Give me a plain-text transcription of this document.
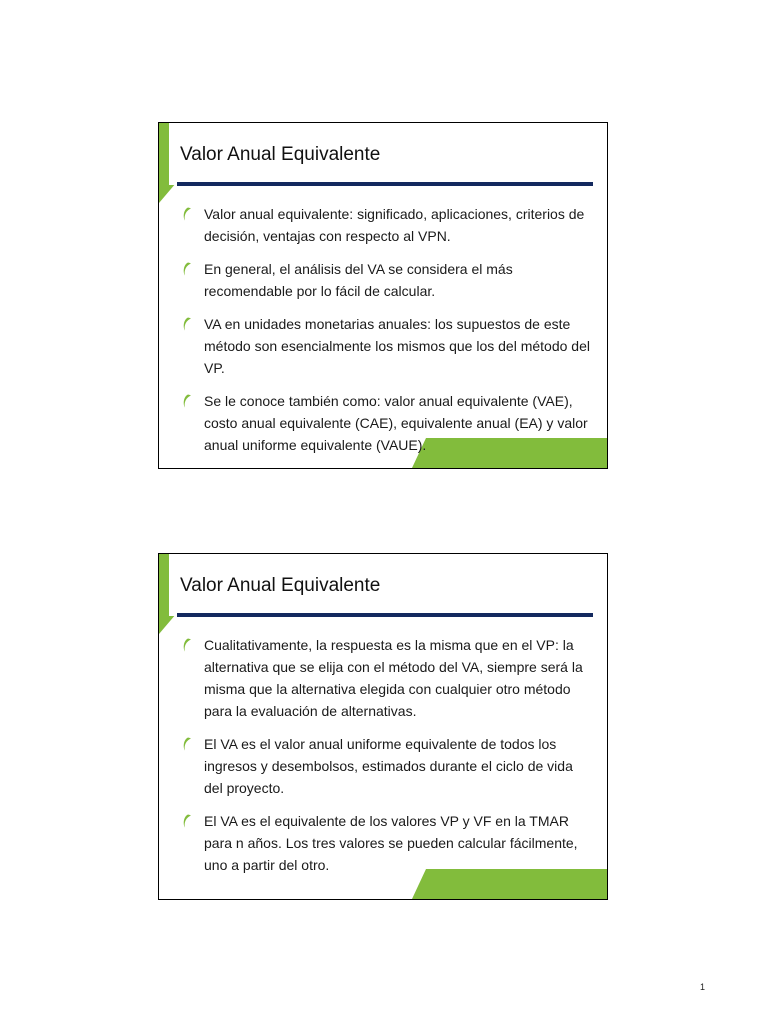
Valor Anual Equivalente
Valor anual equivalente: significado, aplicaciones, criterios de decisión, ventajas con respecto al VPN.
En general, el análisis del VA se considera el más recomendable por lo fácil de calcular.
VA en unidades monetarias anuales: los supuestos de este método son esencialmente los mismos que los del método del VP.
Se le conoce también como: valor anual equivalente (VAE), costo anual equivalente (CAE), equivalente anual (EA) y valor anual uniforme equivalente (VAUE).
Valor Anual Equivalente
Cualitativamente, la respuesta es la misma que en el VP: la alternativa que se elija con el método del VA, siempre será la misma que la alternativa elegida con cualquier otro método para la evaluación de alternativas.
El VA es el valor anual uniforme equivalente de todos los ingresos y desembolsos, estimados durante el ciclo de vida del proyecto.
El VA es el equivalente de los valores VP y VF en la TMAR para n años. Los tres valores se pueden calcular fácilmente, uno a partir del otro.
1
